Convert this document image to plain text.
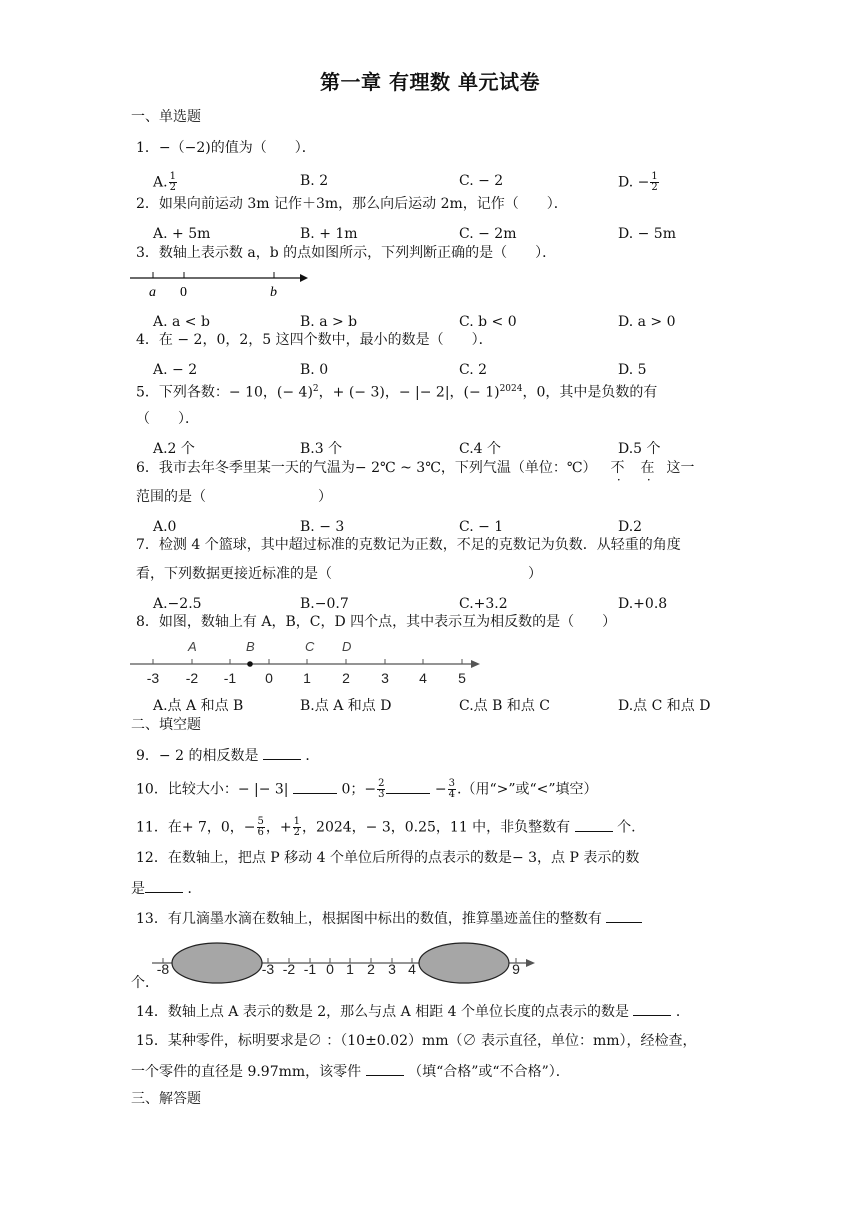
第一章 有理数 单元试卷
一、单选题
1．−（−2)的值为（　　）．
A. $\frac{1}{2}$	B. 2	C. − 2	D. − $\frac{1}{2}$
2．如果向前运动 3m 记作＋3m，那么向后运动 2m，记作（　　）．
A. + 5m	B. + 1m	C. − 2m	D. − 5m
3．数轴上表示数 a，b 的点如图所示，下列判断正确的是（　　）．
a 0	b
A. a < b	B. a > b	C. b < 0	D. a > 0
4．在 − 2，0，2，5 这四个数中，最小的数是（　　）．
A. − 2	B. 0	C. 2	D. 5
5．下列各数：− 10，(− 4)$^2$，+ (− 3)，− |− 2|，(− 1)$^{2024}$，0，其中是负数的有
（　　）．
A.2 个	B.3 个	C.4 个	D.5 个
6．我市去年冬季里某一天的气温为− 2℃ ~ 3℃，下列气温（单位：℃） 不 在 这一
范围的是（　　　　　　　　）
A.0	B. − 3	C. − 1	D.2
7．检测 4 个篮球，其中超过标准的克数记为正数，不足的克数记为负数．从轻重的角度
看，下列数据更接近标准的是（　　　　　　　　　　　　　　）
A.−2.5	B.−0.7	C.+3.2	D.+0.8
8．如图，数轴上有 A，B，C，D 四个点，其中表示互为相反数的是（　　）
A	B	C D
-3 -2 -1 0 1 2 3 4 5
A.点 A 和点 B	B.点 A 和点 D	C.点 B 和点 C	D.点 C 和点 D
二、填空题
9．− 2 的相反数是	．
10．比较大小：− |− 3|	0；− $\frac{2}{3}$	− $\frac{3}{4}$ .（用“>”或“<”填空）
11．在+ 7，0，− $\frac{5}{6}$ ，+ $\frac{1}{2}$ ，2024，− 3，0.25，11 中，非负整数有	个.
12．在数轴上，把点 P 移动 4 个单位后所得的点表示的数是− 3，点 P 表示的数
是	．
13．有几滴墨水滴在数轴上，根据图中标出的数值，推算墨迹盖住的整数有
个．
-8	-3 -2 -1 0 1 2 3 4	9
14．数轴上点 A 表示的数是 2，那么与点 A 相距 4 个单位长度的点表示的数是	．
15．某种零件，标明要求是∅ ：（10±0.02）mm（∅ 表示直径，单位：mm），经检查，
一个零件的直径是 9.97mm，该零件	（填“合格”或“不合格”）．
三、解答题
